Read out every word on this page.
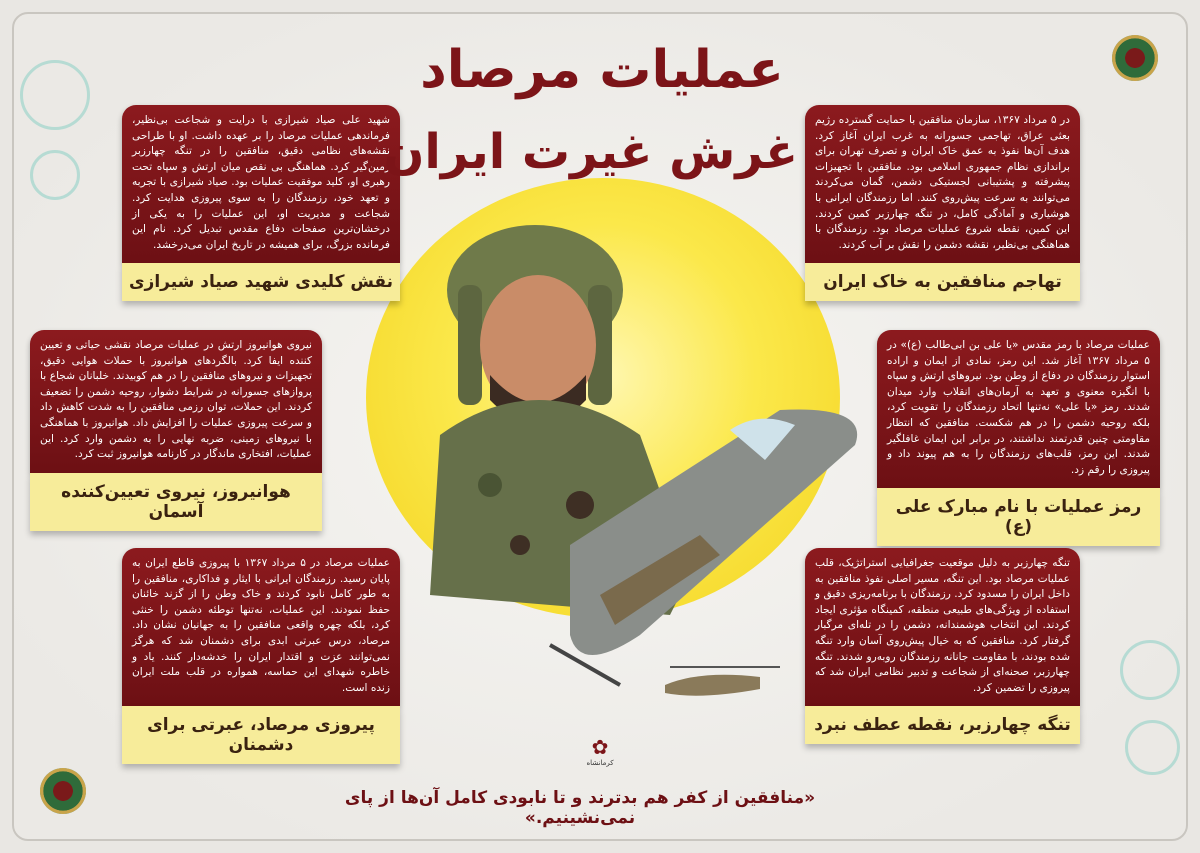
عملیات مرصاد
غرش غیرت ایران
در ۵ مرداد ۱۳۶۷، سازمان منافقین با حمایت گسترده رژیم بعثی عراق، تهاجمی جسورانه به غرب ایران آغاز کرد. هدف آن‌ها نفوذ به عمق خاک ایران و تصرف تهران برای براندازی نظام جمهوری اسلامی بود. منافقین با تجهیزات پیشرفته و پشتیبانی لجستیکی دشمن، گمان می‌کردند می‌توانند به سرعت پیش‌روی کنند. اما رزمندگان ایرانی با هوشیاری و آمادگی کامل، در تنگه چهارزبر کمین کردند. این کمین، نقطه شروع عملیات مرصاد بود. رزمندگان با هماهنگی بی‌نظیر، نقشه دشمن را نقش بر آب کردند.
تهاجم منافقین به خاک ایران
شهید علی صیاد شیرازی با درایت و شجاعت بی‌نظیر، فرماندهی عملیات مرصاد را بر عهده داشت. او با طراحی نقشه‌های نظامی دقیق، منافقین را در تنگه چهارزبر زمین‌گیر کرد. هماهنگی بی نقص میان ارتش و سپاه تحت رهبری او، کلید موفقیت عملیات بود. صیاد شیرازی با تجربه و تعهد خود، رزمندگان را به سوی پیروزی هدایت کرد. شجاعت و مدیریت او، این عملیات را به یکی از درخشان‌ترین صفحات دفاع مقدس تبدیل کرد. نام این فرمانده بزرگ، برای همیشه در تاریخ ایران می‌درخشد.
نقش کلیدی شهید صیاد شیرازی
عملیات مرصاد با رمز مقدس «یا علی بن ابی‌طالب (ع)» در ۵ مرداد ۱۳۶۷ آغاز شد. این رمز، نمادی از ایمان و اراده استوار رزمندگان در دفاع از وطن بود. نیروهای ارتش و سپاه با انگیزه معنوی و تعهد به آرمان‌های انقلاب وارد میدان شدند. رمز «یا علی» نه‌تنها اتحاد رزمندگان را تقویت کرد، بلکه روحیه دشمن را در هم شکست. منافقین که انتظار مقاومتی چنین قدرتمند نداشتند، در برابر این ایمان غافلگیر شدند. این رمز، قلب‌های رزمندگان را به هم پیوند داد و پیروزی را رقم زد.
رمز عملیات با نام مبارک علی (ع)
نیروی هوانیروز ارتش در عملیات مرصاد نقشی حیاتی و تعیین کننده ایفا کرد. بالگردهای هوانیروز با حملات هوایی دقیق، تجهیزات و نیروهای منافقین را در هم کوبیدند. خلبانان شجاع با پروازهای جسورانه در شرایط دشوار، روحیه دشمن را تضعیف کردند. این حملات، توان رزمی منافقین را به شدت کاهش داد و سرعت پیروزی عملیات را افزایش داد. هوانیروز با هماهنگی با نیروهای زمینی، ضربه نهایی را به دشمن وارد کرد. این عملیات، افتخاری ماندگار در کارنامه هوانیروز ثبت کرد.
هوانیروز، نیروی تعیین‌کننده آسمان
تنگه چهارزبر به دلیل موقعیت جغرافیایی استراتژیک، قلب عملیات مرصاد بود. این تنگه، مسیر اصلی نفوذ منافقین به داخل ایران را مسدود کرد. رزمندگان با برنامه‌ریزی دقیق و استفاده از ویژگی‌های طبیعی منطقه، کمینگاه مؤثری ایجاد کردند. این انتخاب هوشمندانه، دشمن را در تله‌ای مرگبار گرفتار کرد. منافقین که به خیال پیش‌روی آسان وارد تنگه شده بودند، با مقاومت جانانه رزمندگان روبه‌رو شدند. تنگه چهارزبر، صحنه‌ای از شجاعت و تدبیر نظامی ایران شد که پیروزی را تضمین کرد.
تنگه چهارزبر، نقطه عطف نبرد
عملیات مرصاد در ۵ مرداد ۱۳۶۷ با پیروزی قاطع ایران به پایان رسید. رزمندگان ایرانی با ایثار و فداکاری، منافقین را به طور کامل نابود کردند و خاک وطن را از گزند خائنان حفظ نمودند. این عملیات، نه‌تنها توطئه دشمن را خنثی کرد، بلکه چهره واقعی منافقین را به جهانیان نشان داد. مرصاد، درس عبرتی ابدی برای دشمنان شد که هرگز نمی‌توانند عزت و اقتدار ایران را خدشه‌دار کنند. یاد و خاطره شهدای این حماسه، همواره در قلب ملت ایران زنده است.
پیروزی مرصاد، عبرتی برای دشمنان	✿
کرمانشاه
«منافقین از کفر هم بدترند و تا نابودی کامل آن‌ها از پای نمی‌نشینیم.»
